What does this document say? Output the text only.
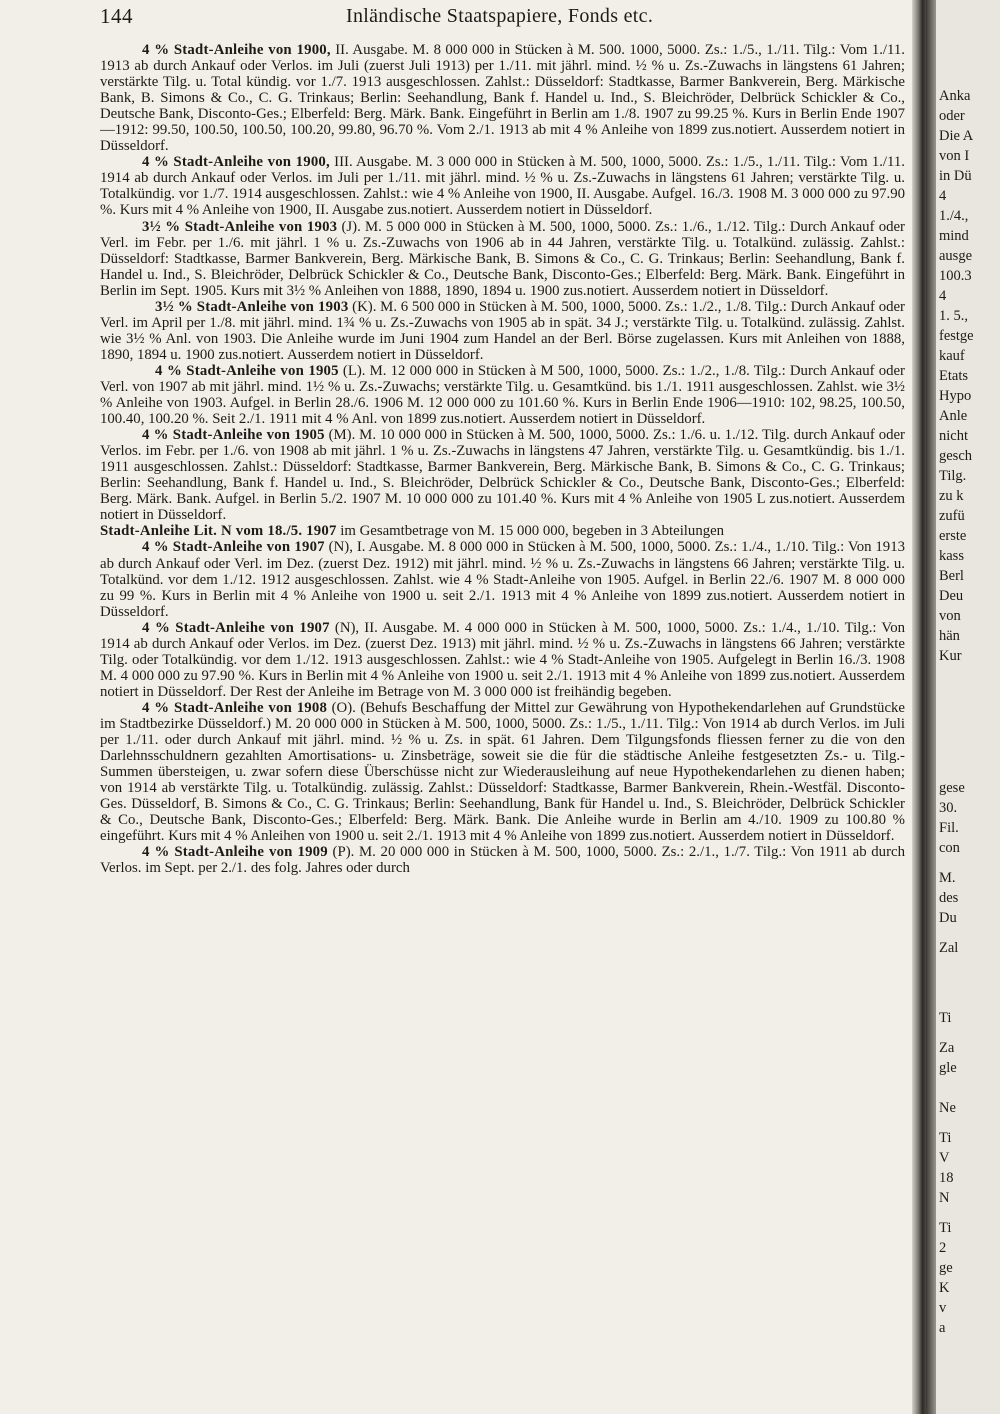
144	Inländische Staatspapiere, Fonds etc.

4 % Stadt-Anleihe von 1900, II. Ausgabe. M. 8 000 000 in Stücken à M. 500. 1000, 5000. Zs.: 1./5., 1./11. Tilg.: Vom 1./11. 1913 ab durch Ankauf oder Verlos. im Juli (zuerst Juli 1913) per 1./11. mit jährl. mind. ½ % u. Zs.-Zuwachs in längstens 61 Jahren; verstärkte Tilg. u. Total kündig. vor 1./7. 1913 ausgeschlossen. Zahlst.: Düsseldorf: Stadtkasse, Barmer Bankverein, Berg. Märkische Bank, B. Simons & Co., C. G. Trinkaus; Berlin: Seehandlung, Bank f. Handel u. Ind., S. Bleichröder, Delbrück Schickler & Co., Deutsche Bank, Disconto-Ges.; Elberfeld: Berg. Märk. Bank. Eingeführt in Berlin am 1./8. 1907 zu 99.25 %. Kurs in Berlin Ende 1907—1912: 99.50, 100.50, 100.50, 100.20, 99.80, 96.70 %. Vom 2./1. 1913 ab mit 4 % Anleihe von 1899 zus.notiert. Ausserdem notiert in Düsseldorf.

4 % Stadt-Anleihe von 1900, III. Ausgabe. M. 3 000 000 in Stücken à M. 500, 1000, 5000. Zs.: 1./5., 1./11. Tilg.: Vom 1./11. 1914 ab durch Ankauf oder Verlos. im Juli per 1./11. mit jährl. mind. ½ % u. Zs.-Zuwachs in längstens 61 Jahren; verstärkte Tilg. u. Totalkündig. vor 1./7. 1914 ausgeschlossen. Zahlst.: wie 4 % Anleihe von 1900, II. Ausgabe. Aufgel. 16./3. 1908 M. 3 000 000 zu 97.90 %. Kurs mit 4 % Anleihe von 1900, II. Ausgabe zus.notiert. Ausserdem notiert in Düsseldorf.

3½ % Stadt-Anleihe von 1903 (J). M. 5 000 000 in Stücken à M. 500, 1000, 5000. Zs.: 1./6., 1./12. Tilg.: Durch Ankauf oder Verl. im Febr. per 1./6. mit jährl. 1 % u. Zs.-Zuwachs von 1906 ab in 44 Jahren, verstärkte Tilg. u. Totalkünd. zulässig. Zahlst.: Düsseldorf: Stadtkasse, Barmer Bankverein, Berg. Märkische Bank, B. Simons & Co., C. G. Trinkaus; Berlin: Seehandlung, Bank f. Handel u. Ind., S. Bleichröder, Delbrück Schickler & Co., Deutsche Bank, Disconto-Ges.; Elberfeld: Berg. Märk. Bank. Eingeführt in Berlin im Sept. 1905. Kurs mit 3½ % Anleihen von 1888, 1890, 1894 u. 1900 zus.notiert. Ausserdem notiert in Düsseldorf.

3½ % Stadt-Anleihe von 1903 (K). M. 6 500 000 in Stücken à M. 500, 1000, 5000. Zs.: 1./2., 1./8. Tilg.: Durch Ankauf oder Verl. im April per 1./8. mit jährl. mind. 1¾ % u. Zs.-Zuwachs von 1905 ab in spät. 34 J.; verstärkte Tilg. u. Totalkünd. zulässig. Zahlst. wie 3½ % Anl. von 1903. Die Anleihe wurde im Juni 1904 zum Handel an der Berl. Börse zugelassen. Kurs mit Anleihen von 1888, 1890, 1894 u. 1900 zus.notiert. Ausserdem notiert in Düsseldorf.

4 % Stadt-Anleihe von 1905 (L). M. 12 000 000 in Stücken à M 500, 1000, 5000. Zs.: 1./2., 1./8. Tilg.: Durch Ankauf oder Verl. von 1907 ab mit jährl. mind. 1½ % u. Zs.-Zuwachs; verstärkte Tilg. u. Gesamtkünd. bis 1./1. 1911 ausgeschlossen. Zahlst. wie 3½ % Anleihe von 1903. Aufgel. in Berlin 28./6. 1906 M. 12 000 000 zu 101.60 %. Kurs in Berlin Ende 1906—1910: 102, 98.25, 100.50, 100.40, 100.20 %. Seit 2./1. 1911 mit 4 % Anl. von 1899 zus.notiert. Ausserdem notiert in Düsseldorf.

4 % Stadt-Anleihe von 1905 (M). M. 10 000 000 in Stücken à M. 500, 1000, 5000. Zs.: 1./6. u. 1./12. Tilg. durch Ankauf oder Verlos. im Febr. per 1./6. von 1908 ab mit jährl. 1 % u. Zs.-Zuwachs in längstens 47 Jahren, verstärkte Tilg. u. Gesamtkündig. bis 1./1. 1911 ausgeschlossen. Zahlst.: Düsseldorf: Stadtkasse, Barmer Bankverein, Berg. Märkische Bank, B. Simons & Co., C. G. Trinkaus; Berlin: Seehandlung, Bank f. Handel u. Ind., S. Bleichröder, Delbrück Schickler & Co., Deutsche Bank, Disconto-Ges.; Elberfeld: Berg. Märk. Bank. Aufgel. in Berlin 5./2. 1907 M. 10 000 000 zu 101.40 %. Kurs mit 4 % Anleihe von 1905 L zus.notiert. Ausserdem notiert in Düsseldorf.

Stadt-Anleihe Lit. N vom 18./5. 1907 im Gesamtbetrage von M. 15 000 000, begeben in 3 Abteilungen

4 % Stadt-Anleihe von 1907 (N), I. Ausgabe. M. 8 000 000 in Stücken à M. 500, 1000, 5000. Zs.: 1./4., 1./10. Tilg.: Von 1913 ab durch Ankauf oder Verl. im Dez. (zuerst Dez. 1912) mit jährl. mind. ½ % u. Zs.-Zuwachs in längstens 66 Jahren; verstärkte Tilg. u. Totalkünd. vor dem 1./12. 1912 ausgeschlossen. Zahlst. wie 4 % Stadt-Anleihe von 1905. Aufgel. in Berlin 22./6. 1907 M. 8 000 000 zu 99 %. Kurs in Berlin mit 4 % Anleihe von 1900 u. seit 2./1. 1913 mit 4 % Anleihe von 1899 zus.notiert. Ausserdem notiert in Düsseldorf.

4 % Stadt-Anleihe von 1907 (N), II. Ausgabe. M. 4 000 000 in Stücken à M. 500, 1000, 5000. Zs.: 1./4., 1./10. Tilg.: Von 1914 ab durch Ankauf oder Verlos. im Dez. (zuerst Dez. 1913) mit jährl. mind. ½ % u. Zs.-Zuwachs in längstens 66 Jahren; verstärkte Tilg. oder Totalkündig. vor dem 1./12. 1913 ausgeschlossen. Zahlst.: wie 4 % Stadt-Anleihe von 1905. Aufgelegt in Berlin 16./3. 1908 M. 4 000 000 zu 97.90 %. Kurs in Berlin mit 4 % Anleihe von 1900 u. seit 2./1. 1913 mit 4 % Anleihe von 1899 zus.notiert. Ausserdem notiert in Düsseldorf. Der Rest der Anleihe im Betrage von M. 3 000 000 ist freihändig begeben.

4 % Stadt-Anleihe von 1908 (O). (Behufs Beschaffung der Mittel zur Gewährung von Hypothekendarlehen auf Grundstücke im Stadtbezirke Düsseldorf.) M. 20 000 000 in Stücken à M. 500, 1000, 5000. Zs.: 1./5., 1./11. Tilg.: Von 1914 ab durch Verlos. im Juli per 1./11. oder durch Ankauf mit jährl. mind. ½ % u. Zs. in spät. 61 Jahren. Dem Tilgungsfonds fliessen ferner zu die von den Darlehnsschuldnern gezahlten Amortisations- u. Zinsbeträge, soweit sie die für die städtische Anleihe festgesetzten Zs.- u. Tilg.-Summen übersteigen, u. zwar sofern diese Überschüsse nicht zur Wiederausleihung auf neue Hypothekendarlehen zu dienen haben; von 1914 ab verstärkte Tilg. u. Totalkündig. zulässig. Zahlst.: Düsseldorf: Stadtkasse, Barmer Bankverein, Rhein.-Westfäl. Disconto-Ges. Düsseldorf, B. Simons & Co., C. G. Trinkaus; Berlin: Seehandlung, Bank für Handel u. Ind., S. Bleichröder, Delbrück Schickler & Co., Deutsche Bank, Disconto-Ges.; Elberfeld: Berg. Märk. Bank. Die Anleihe wurde in Berlin am 4./10. 1909 zu 100.80 % eingeführt. Kurs mit 4 % Anleihen von 1900 u. seit 2./1. 1913 mit 4 % Anleihe von 1899 zus.notiert. Ausserdem notiert in Düsseldorf.

4 % Stadt-Anleihe von 1909 (P). M. 20 000 000 in Stücken à M. 500, 1000, 5000. Zs.: 2./1., 1./7. Tilg.: Von 1911 ab durch Verlos. im Sept. per 2./1. des folg. Jahres oder durch

Anka
oder
Die A
von I
in Dü
4
1./4.,
mind
ausge
100.3
4
1. 5.,
festge
kauf
Etats
Hypo
Anle
nicht
gesch
Tilg.
zu k
zufü
erste
kass
Berl
Deu
von
hän
Kur
gese
30.
Fil.
con
M.
des
Du
Zal
Ti
Za
gle
Ne
Ti
V
18
N
Ti
2
ge
K
v
a
